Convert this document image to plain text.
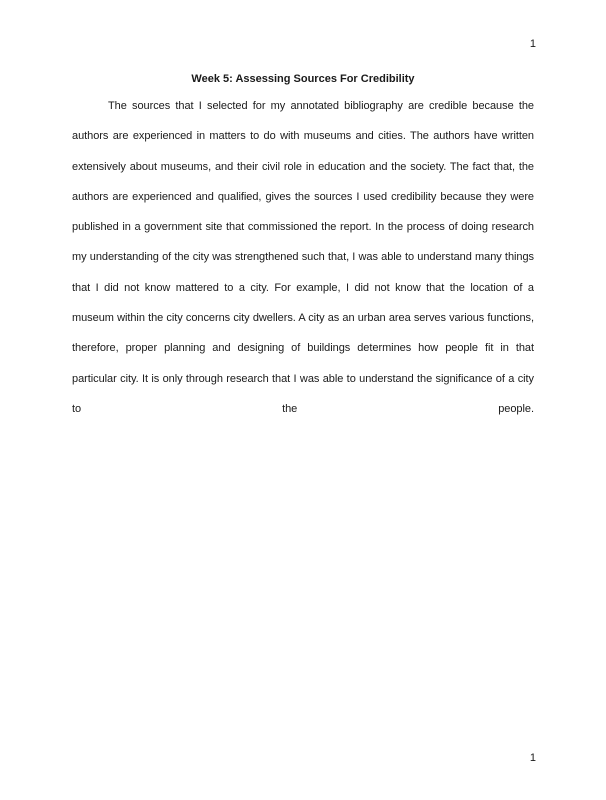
1
Week 5: Assessing Sources For Credibility
The sources that I selected for my annotated bibliography are credible because the
authors are experienced in matters to do with museums and cities. The authors have written
extensively about museums, and their civil role in education and the society. The fact that, the
authors are experienced and qualified, gives the sources I used credibility because they were
published in a government site that commissioned the report. In the process of doing research
my understanding of the city was strengthened such that, I was able to understand many things
that I did not know mattered to a city. For example, I did not know that the location of a
museum within the city concerns city dwellers. A city as an urban area serves various functions,
therefore, proper planning and designing of buildings determines how people fit in that
particular city. It is only through research that I was able to understand the significance of a city
to	the	people.
1
